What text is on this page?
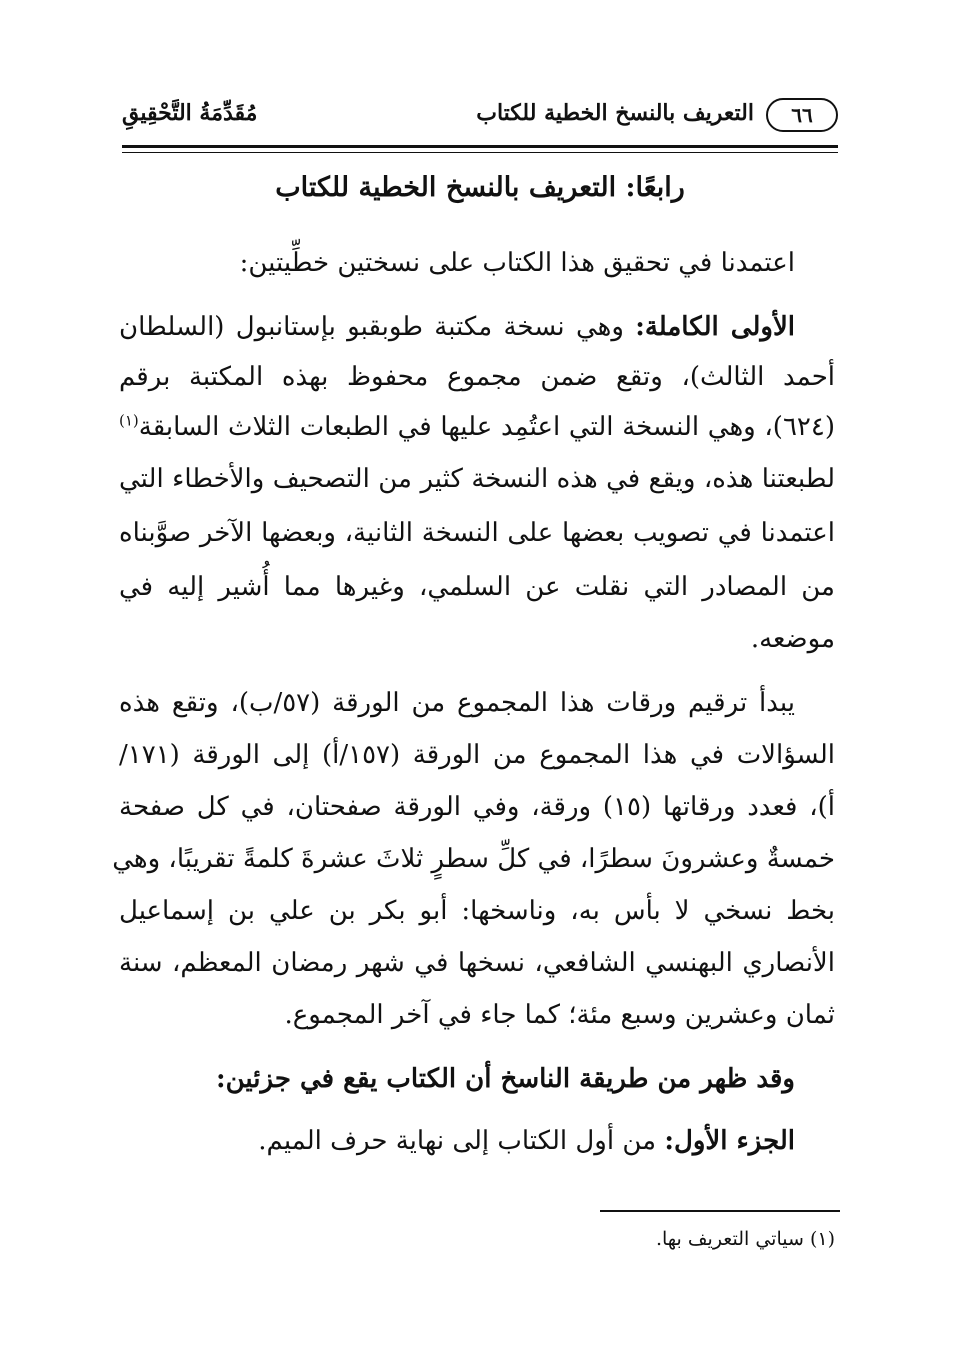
٦٦
التعريف بالنسخ الخطية للكتاب
مُقَدِّمَةُ التَّحْقِيقِ
رابعًا: التعريف بالنسخ الخطية للكتاب
اعتمدنا في تحقيق هذا الكتاب على نسختين خطِّيتين:
الأولى الكاملة: وهي نسخة مكتبة طوبقبو بإستانبول (السلطان
أحمد الثالث)، وتقع ضمن مجموع محفوظ بهذه المكتبة برقم
(٦٢٤)، وهي النسخة التي اعتُمِد عليها في الطبعات الثلاث السابقة$^{(١)}$
لطبعتنا هذه، ويقع في هذه النسخة كثير من التصحيف والأخطاء التي
اعتمدنا في تصويب بعضها على النسخة الثانية، وبعضها الآخر صوَّبناه
من المصادر التي نقلت عن السلمي، وغيرها مما أُشير إليه في
موضعه.
يبدأ ترقيم ورقات هذا المجموع من الورقة (٥٧/ب)، وتقع هذه
السؤالات في هذا المجموع من الورقة (١٥٧/أ) إلى الورقة (١٧١/
أ)، فعدد ورقاتها (١٥) ورقة، وفي الورقة صفحتان، في كل صفحة
خمسةٌ وعشرونَ سطرًا، في كلِّ سطرٍ ثلاثَ عشرةَ كلمةً تقريبًا، وهي
بخط نسخي لا بأس به، وناسخها: أبو بكر بن علي بن إسماعيل
الأنصاري البهنسي الشافعي، نسخها في شهر رمضان المعظم، سنة
ثمان وعشرين وسبع مئة؛ كما جاء في آخر المجموع.
وقد ظهر من طريقة الناسخ أن الكتاب يقع في جزئين:
الجزء الأول: من أول الكتاب إلى نهاية حرف الميم.
(١) سياتي التعريف بها.
